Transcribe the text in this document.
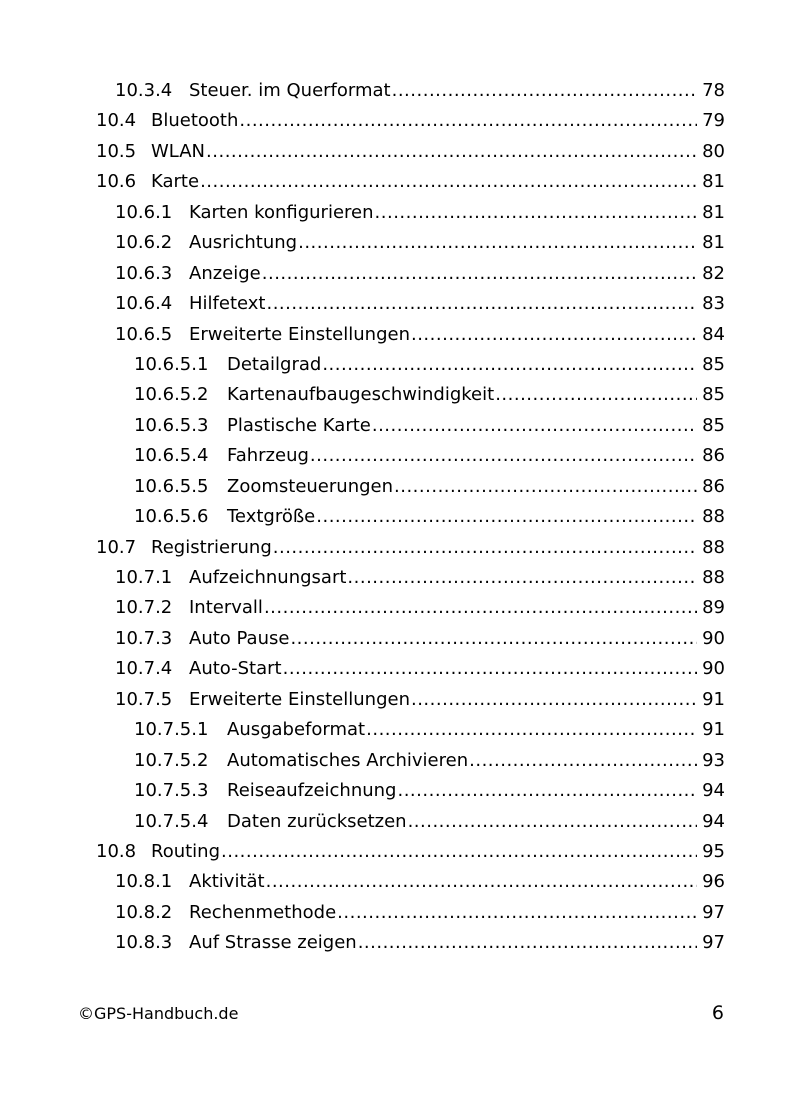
10.3.4 Steuer. im Querformat .....	78
10.4 Bluetooth .....	79
10.5 WLAN .....	80
10.6 Karte .....	81
10.6.1 Karten konfigurieren .....	81
10.6.2 Ausrichtung .....	81
10.6.3 Anzeige .....	82
10.6.4 Hilfetext .....	83
10.6.5 Erweiterte Einstellungen .....	84
10.6.5.1	Detailgrad .....	85
10.6.5.2	Kartenaufbaugeschwindigkeit .....	85
10.6.5.3	Plastische Karte .....	85
10.6.5.4	Fahrzeug .....	86
10.6.5.5	Zoomsteuerungen .....	86
10.6.5.6	Textgröße .....	88
10.7 Registrierung .....	88
10.7.1 Aufzeichnungsart .....	88
10.7.2 Intervall .....	89
10.7.3 Auto Pause .....	90
10.7.4 Auto-Start .....	90
10.7.5 Erweiterte Einstellungen .....	91
10.7.5.1	Ausgabeformat .....	91
10.7.5.2	Automatisches Archivieren .....	93
10.7.5.3	Reiseaufzeichnung .....	94
10.7.5.4	Daten zurücksetzen .....	94
10.8 Routing .....	95
10.8.1 Aktivität .....	96
10.8.2 Rechenmethode .....	97
10.8.3 Auf Strasse zeigen .....	97
©GPS-Handbuch.de	6
